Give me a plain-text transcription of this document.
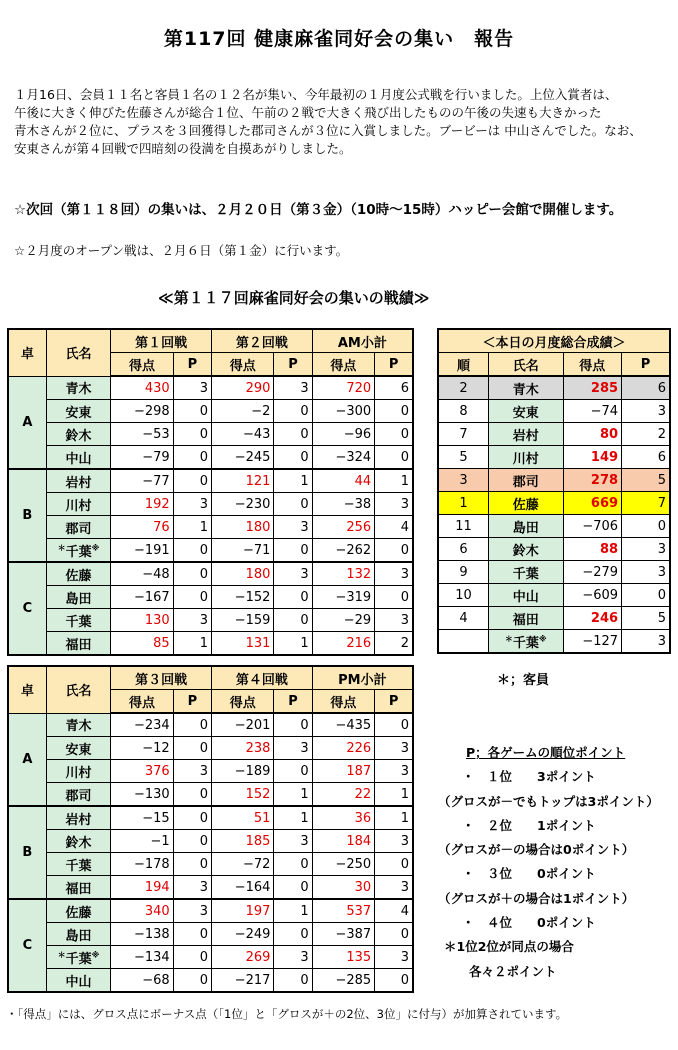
第117回 健康麻雀同好会の集い　報告
１月16日、会員１１名と客員１名の１２名が集い、今年最初の１月度公式戦を行いました。上位入賞者は、
午後に大きく伸びた佐藤さんが総合１位、午前の２戦で大きく飛び出したものの午後の失速も大きかった
青木さんが２位に、プラスを３回獲得した郡司さんが３位に入賞しました。ブービーは 中山さんでした。なお、
安東さんが第４回戦で四暗刻の役満を自摸あがりしました。
☆次回（第１１８回）の集いは、２月２０日（第３金）（10時～15時）ハッピー会館で開催します。
☆２月度のオープン戦は、２月６日（第１金）に行います。
≪第１１７回麻雀同好会の集いの戦績≫
卓	氏名	第１回戦		第２回戦		AM小計	
		得点	P	得点	P	得点	P
A	青木	430	3	290	3	720	6
	安東	−298	0	−2	0	−300	0
	鈴木	−53	0	−43	0	−96	0
	中山	−79	0	−245	0	−324	0
B	岩村	−77	0	121	1	44	1
	川村	192	3	−230	0	−38	3
	郡司	76	1	180	3	256	4
	＊千葉※	−191	0	−71	0	−262	0
C	佐藤	−48	0	180	3	132	3
	島田	−167	0	−152	0	−319	0
	千葉	130	3	−159	0	−29	3
	福田	85	1	131	1	216	2
卓	氏名	第３回戦		第４回戦		PM小計	
		得点	P	得点	P	得点	P
A	青木	−234	0	−201	0	−435	0
	安東	−12	0	238	3	226	3
	川村	376	3	−189	0	187	3
	郡司	−130	0	152	1	22	1
B	岩村	−15	0	51	1	36	1
	鈴木	−1	0	185	3	184	3
	千葉	−178	0	−72	0	−250	0
	福田	194	3	−164	0	30	3
C	佐藤	340	3	197	1	537	4
	島田	−138	0	−249	0	−387	0
	＊千葉※	−134	0	269	3	135	3
	中山	−68	0	−217	0	−285	0
＜本日の月度総合成績＞			
順	氏名	得点	P
2	青木	285	6
8	安東	−74	3
7	岩村	80	2
5	川村	149	6
3	郡司	278	5
1	佐藤	669	7
11	島田	−706	0
6	鈴木	88	3
9	千葉	−279	3
10	中山	−609	0
4	福田	246	5
	＊千葉※	−127	3
＊；客員
P；各ゲームの順位ポイント
・　１位　　3ポイント
（グロスが－でもトップは3ポイント）
・　２位　　1ポイント
（グロスが－の場合は0ポイント）
・　３位　　0ポイント
（グロスが＋の場合は1ポイント）
・　４位　　0ポイント
＊1位2位が同点の場合
　　各々２ポイント
・「得点」には、グロス点にボーナス点（「1位」と「グロスが＋の2位、3位」に付与）が加算されています。
